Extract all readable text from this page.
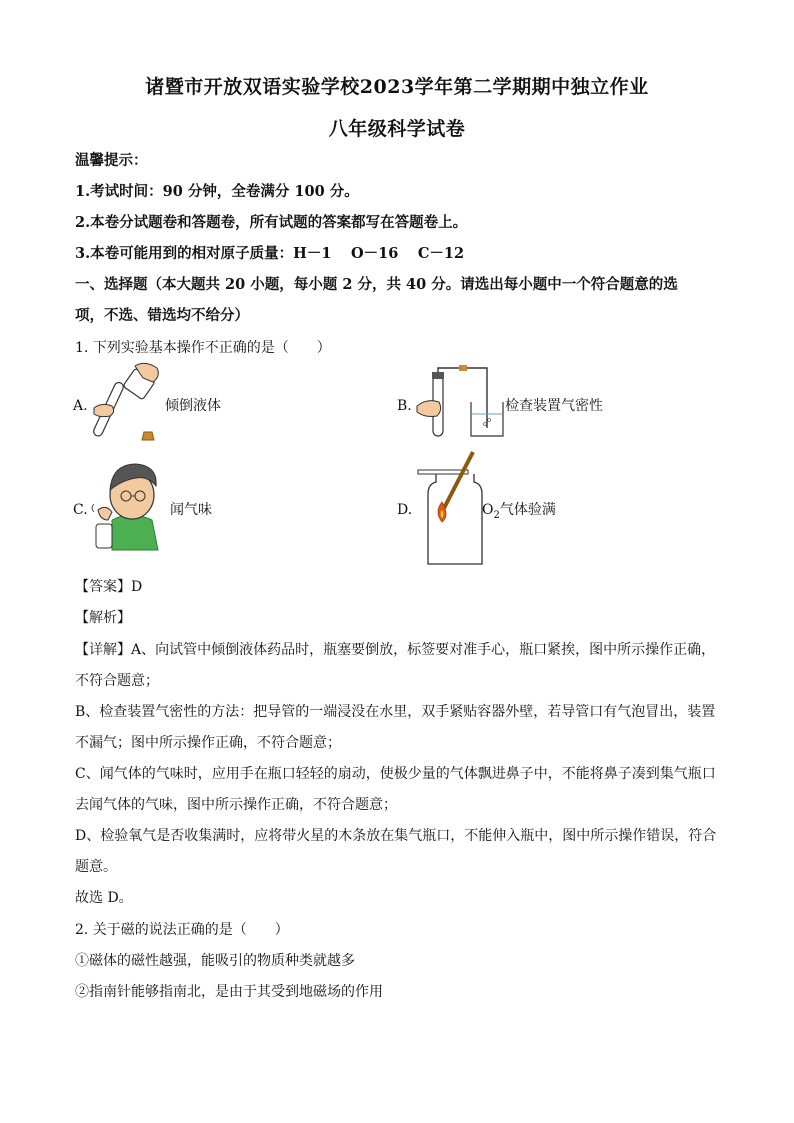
诸暨市开放双语实验学校2023学年第二学期期中独立作业
八年级科学试卷
温馨提示：
1.考试时间：90 分钟，全卷满分 100 分。
2.本卷分试题卷和答题卷，所有试题的答案都写在答题卷上。
3.本卷可能用到的相对原子质量：H－1　 O－16　 C－12
一、选择题（本大题共 20 小题，每小题 2 分，共 40 分。请选出每小题中一个符合题意的选
项，不选、错选均不给分）
1. 下列实验基本操作不正确的是（　　）
A.	倾倒液体	B.	检查装置气密性
C.	闻气味	D.	$O_2$气体验满
【答案】D
【解析】
【详解】A、向试管中倾倒液体药品时，瓶塞要倒放，标签要对准手心，瓶口紧挨，图中所示操作正确，
不符合题意；
B、检查装置气密性的方法：把导管的一端浸没在水里，双手紧贴容器外壁，若导管口有气泡冒出，装置
不漏气；图中所示操作正确，不符合题意；
C、闻气体的气味时，应用手在瓶口轻轻的扇动，使极少量的气体飘进鼻子中，不能将鼻子凑到集气瓶口
去闻气体的气味，图中所示操作正确，不符合题意；
D、检验氧气是否收集满时，应将带火星的木条放在集气瓶口，不能伸入瓶中，图中所示操作错误，符合
题意。
故选 D。
2. 关于磁的说法正确的是（　　）
①磁体的磁性越强，能吸引的物质种类就越多
②指南针能够指南北，是由于其受到地磁场的作用
